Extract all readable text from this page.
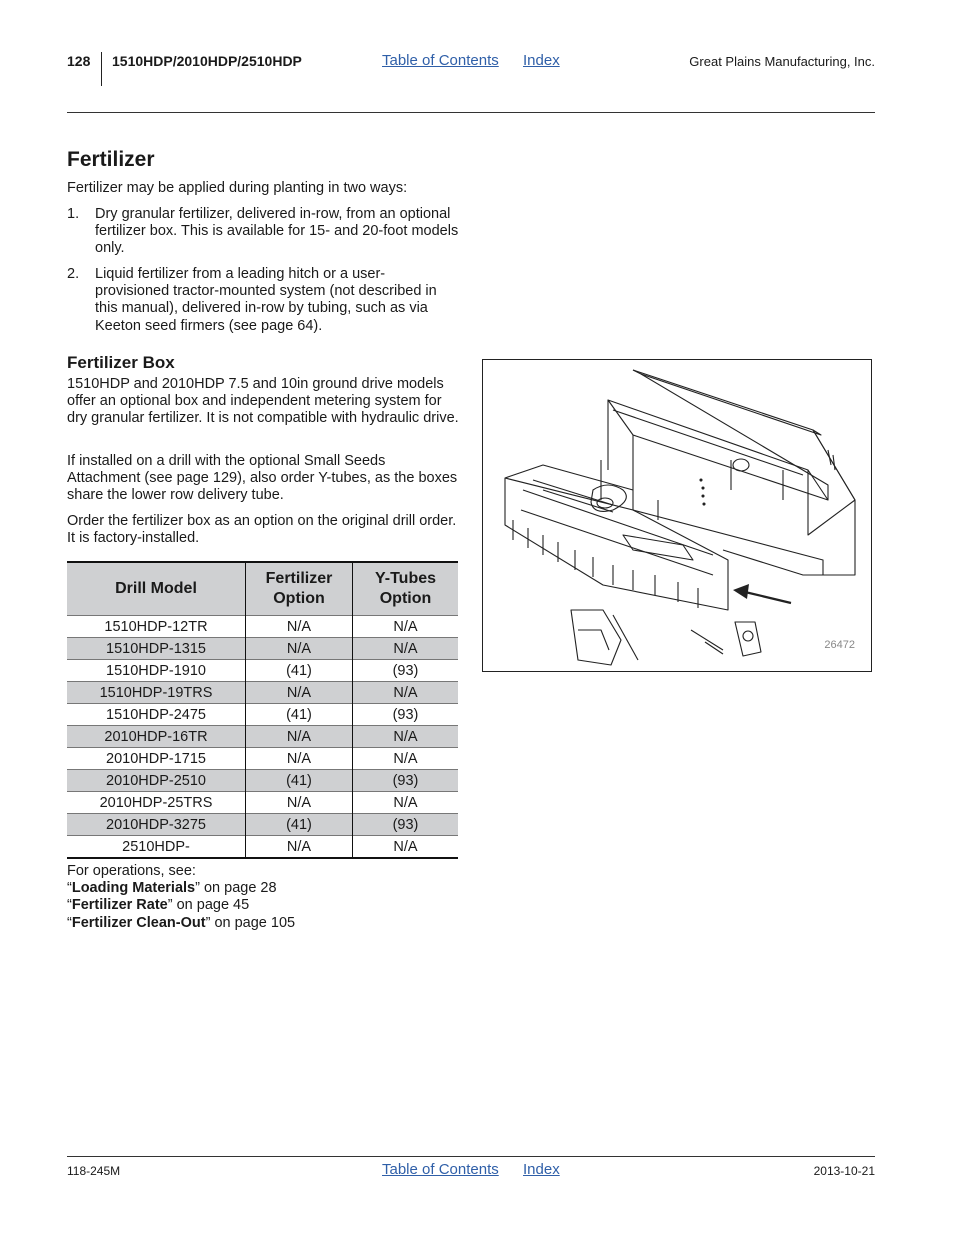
128 1510HDP/2010HDP/2510HDP	Table of Contents Index	Great Plains Manufacturing, Inc.
Fertilizer
Fertilizer may be applied during planting in two ways:
1. Dry granular fertilizer, delivered in-row, from an optional fertilizer box. This is available for 15- and 20-foot models only.
2. Liquid fertilizer from a leading hitch or a user-provisioned tractor-mounted system (not described in this manual), delivered in-row by tubing, such as via Keeton seed firmers (see page 64).
Fertilizer Box
1510HDP and 2010HDP 7.5 and 10in ground drive models offer an optional box and independent metering system for dry granular fertilizer. It is not compatible with hydraulic drive.
If installed on a drill with the optional Small Seeds Attachment (see page 129), also order Y-tubes, as the boxes share the lower row delivery tube.
Order the fertilizer box as an option on the original drill order. It is factory-installed.
Drill Model	Fertilizer Option	Y-Tubes Option
1510HDP-12TR	N/A	N/A
1510HDP-1315	N/A	N/A
1510HDP-1910	(41)	(93)
1510HDP-19TRS	N/A	N/A
1510HDP-2475	(41)	(93)
2010HDP-16TR	N/A	N/A
2010HDP-1715	N/A	N/A
2010HDP-2510	(41)	(93)
2010HDP-25TRS	N/A	N/A
2010HDP-3275	(41)	(93)
2510HDP-	N/A	N/A
For operations, see:
“Loading Materials” on page 28
“Fertilizer Rate” on page 45
“Fertilizer Clean-Out” on page 105
26472
118-245M	Table of Contents Index	2013-10-21
